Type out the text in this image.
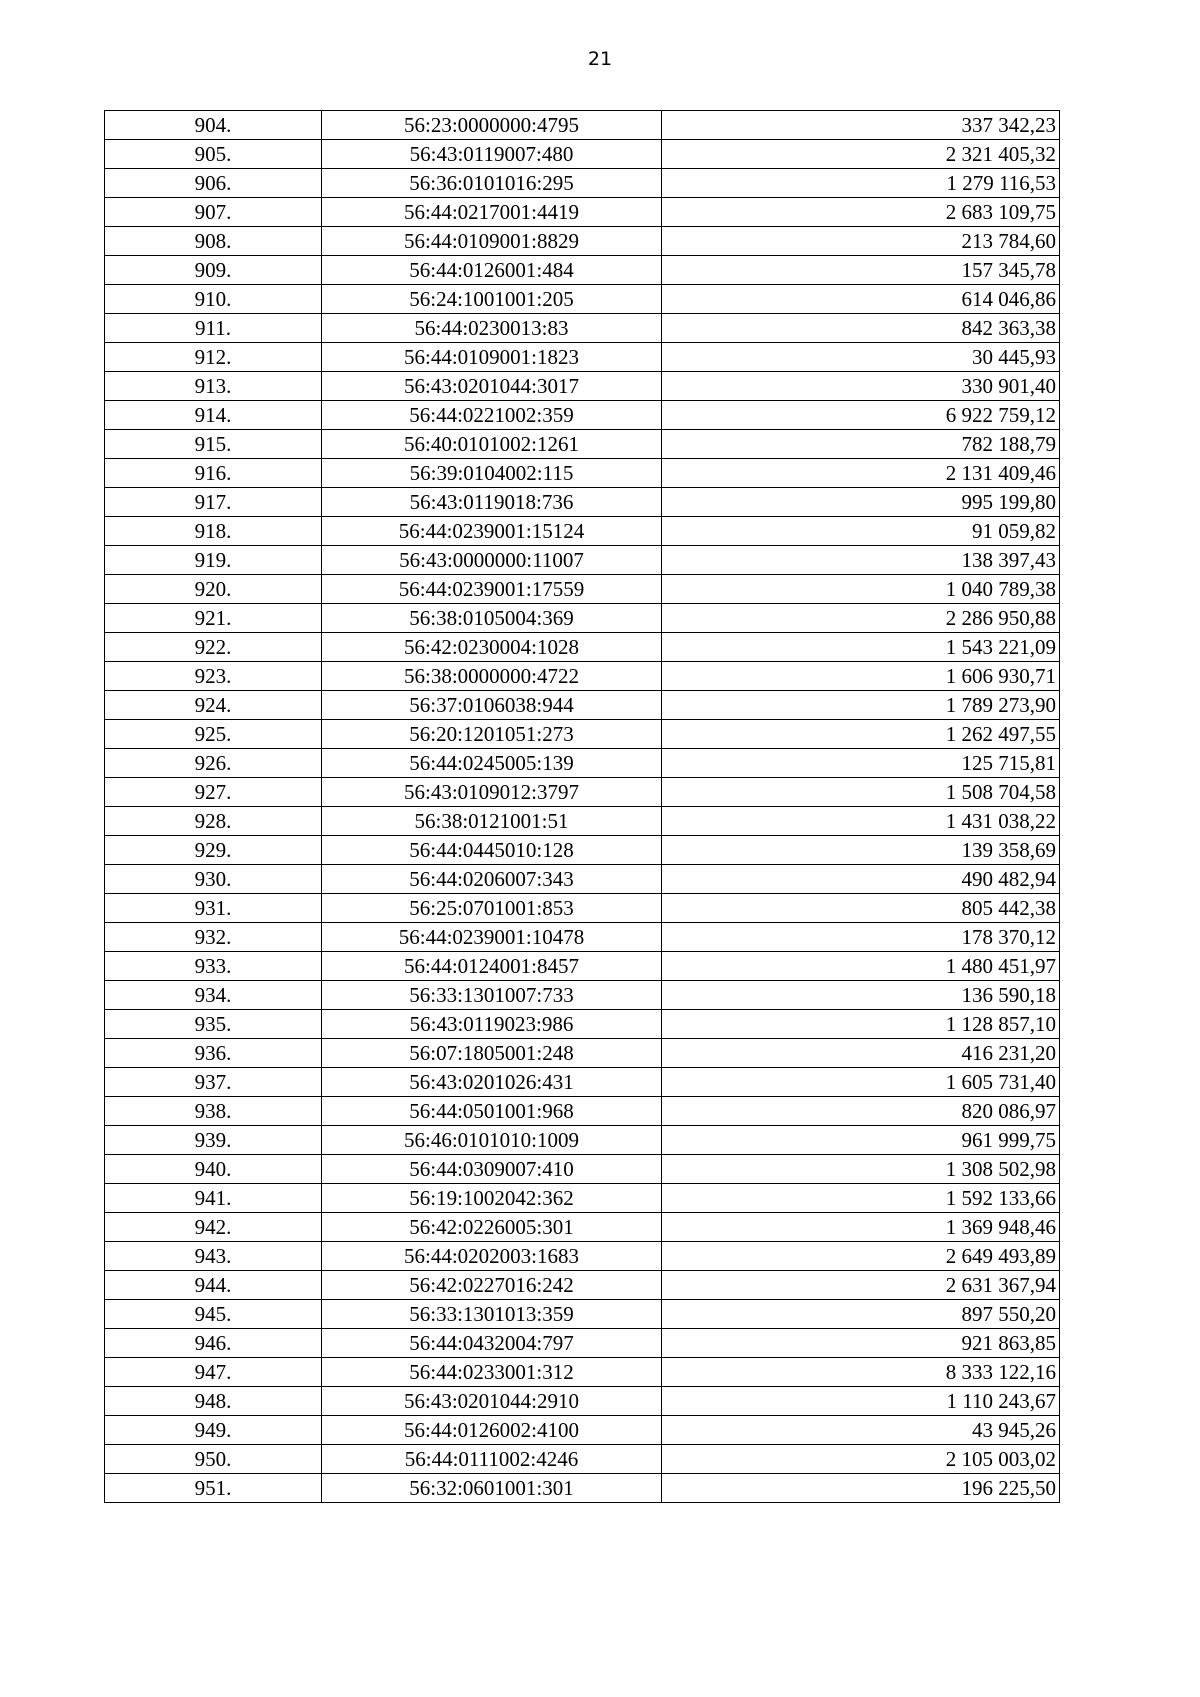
21
904.	56:23:0000000:4795	337 342,23
905.	56:43:0119007:480	2 321 405,32
906.	56:36:0101016:295	1 279 116,53
907.	56:44:0217001:4419	2 683 109,75
908.	56:44:0109001:8829	213 784,60
909.	56:44:0126001:484	157 345,78
910.	56:24:1001001:205	614 046,86
911.	56:44:0230013:83	842 363,38
912.	56:44:0109001:1823	30 445,93
913.	56:43:0201044:3017	330 901,40
914.	56:44:0221002:359	6 922 759,12
915.	56:40:0101002:1261	782 188,79
916.	56:39:0104002:115	2 131 409,46
917.	56:43:0119018:736	995 199,80
918.	56:44:0239001:15124	91 059,82
919.	56:43:0000000:11007	138 397,43
920.	56:44:0239001:17559	1 040 789,38
921.	56:38:0105004:369	2 286 950,88
922.	56:42:0230004:1028	1 543 221,09
923.	56:38:0000000:4722	1 606 930,71
924.	56:37:0106038:944	1 789 273,90
925.	56:20:1201051:273	1 262 497,55
926.	56:44:0245005:139	125 715,81
927.	56:43:0109012:3797	1 508 704,58
928.	56:38:0121001:51	1 431 038,22
929.	56:44:0445010:128	139 358,69
930.	56:44:0206007:343	490 482,94
931.	56:25:0701001:853	805 442,38
932.	56:44:0239001:10478	178 370,12
933.	56:44:0124001:8457	1 480 451,97
934.	56:33:1301007:733	136 590,18
935.	56:43:0119023:986	1 128 857,10
936.	56:07:1805001:248	416 231,20
937.	56:43:0201026:431	1 605 731,40
938.	56:44:0501001:968	820 086,97
939.	56:46:0101010:1009	961 999,75
940.	56:44:0309007:410	1 308 502,98
941.	56:19:1002042:362	1 592 133,66
942.	56:42:0226005:301	1 369 948,46
943.	56:44:0202003:1683	2 649 493,89
944.	56:42:0227016:242	2 631 367,94
945.	56:33:1301013:359	897 550,20
946.	56:44:0432004:797	921 863,85
947.	56:44:0233001:312	8 333 122,16
948.	56:43:0201044:2910	1 110 243,67
949.	56:44:0126002:4100	43 945,26
950.	56:44:0111002:4246	2 105 003,02
951.	56:32:0601001:301	196 225,50
